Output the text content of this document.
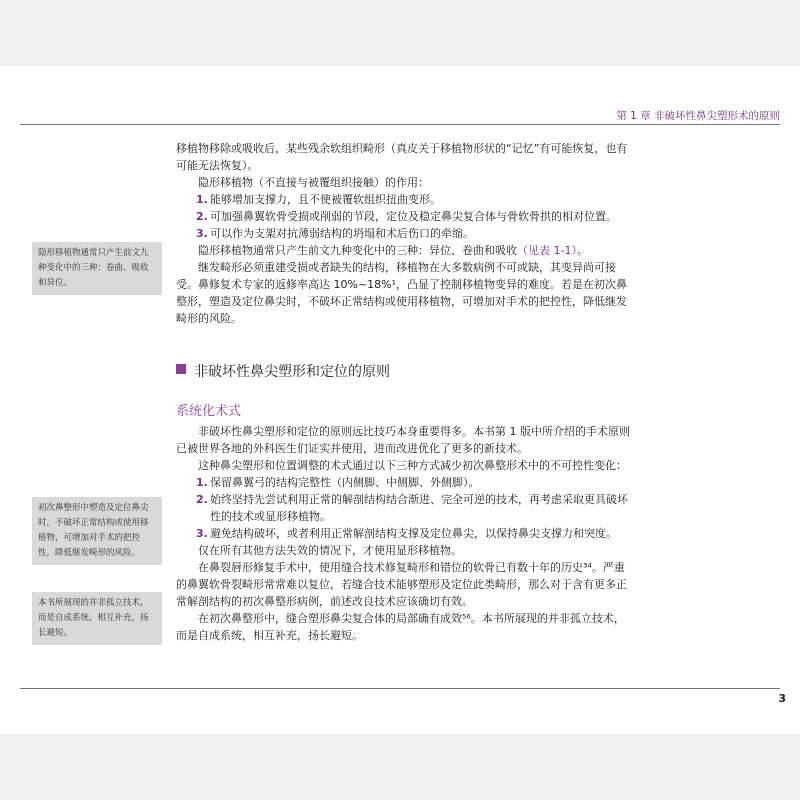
第 1 章 非破坏性鼻尖塑形术的原则

移植物移除或吸收后，某些残余软组织畸形（真皮关于移植物形状的“记忆”有可能恢复，也有可能无法恢复）。

隐形移植物（不直接与被覆组织接触）的作用：

1. 能够增加支撑力，且不使被覆软组织扭曲变形。

2. 可加强鼻翼软骨受损或削弱的节段，定位及稳定鼻尖复合体与骨软骨拱的相对位置。

3. 可以作为支架对抗薄弱结构的坍塌和术后伤口的牵缩。

隐形移植物通常只产生前文九种变化中的三种：异位、卷曲和吸收（见表 1-1）。

继发畸形必须重建受损或者缺失的结构，移植物在大多数病例不可或缺，其变异尚可接受。鼻修复术专家的返修率高达 10%~18%¹，凸显了控制移植物变异的难度。若是在初次鼻整形，塑造及定位鼻尖时，不破坏正常结构或使用移植物，可增加对手术的把控性，降低继发畸形的风险。

隐形移植物通常只产生前文九种变化中的三种：卷曲、吸收和异位。
非破坏性鼻尖塑形和定位的原则
系统化术式

非破坏性鼻尖塑形和定位的原则远比技巧本身重要得多。本书第 1 版中所介绍的手术原则已被世界各地的外科医生们证实并使用，进而改进优化了更多的新技术。

这种鼻尖塑形和位置调整的术式通过以下三种方式减少初次鼻整形术中的不可控性变化：

1. 保留鼻翼弓的结构完整性（内侧脚、中侧脚、外侧脚）。

2. 始终坚持先尝试利用正常的解剖结构结合渐进、完全可逆的技术，再考虑采取更具破坏性的技术或显形移植物。

3. 避免结构破坏，或者利用正常解剖结构支撑及定位鼻尖，以保持鼻尖支撑力和突度。

仅在所有其他方法失效的情况下，才使用显形移植物。

在鼻裂唇形修复手术中，使用缝合技术修复畸形和错位的软骨已有数十年的历史³⁴。严重的鼻翼软骨裂畸形常常难以复位，若缝合技术能够塑形及定位此类畸形，那么对于含有更多正常解剖结构的初次鼻整形病例，前述改良技术应该确切有效。

在初次鼻整形中，缝合塑形鼻尖复合体的局部确有成效⁵⁶。本书所展现的并非孤立技术，而是自成系统，相互补充，扬长避短。

初次鼻整形中塑造及定位鼻尖时，不破坏正常结构或使用移植物，可增加对手术的把控性，降低继发畸形的风险。
本书所展现的并非孤立技术，而是自成系统，相互补充，扬长避短。
3
